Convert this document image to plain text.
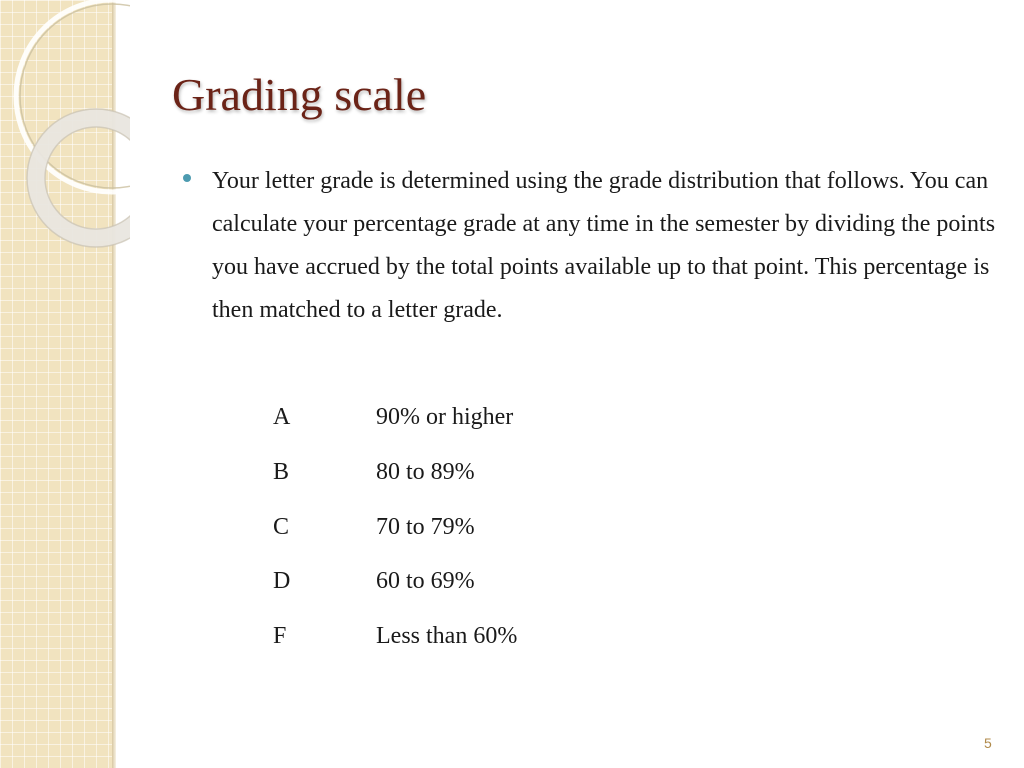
Grading scale

Your letter grade is determined using the grade distribution that follows. You can calculate your percentage grade at any time in the semester by dividing the points you have accrued by the total points available up to that point. This percentage is then matched to a letter grade.

A	90% or higher
B	80 to 89%
C	70 to 79%
D	60 to 69%
F	Less than 60%
5
